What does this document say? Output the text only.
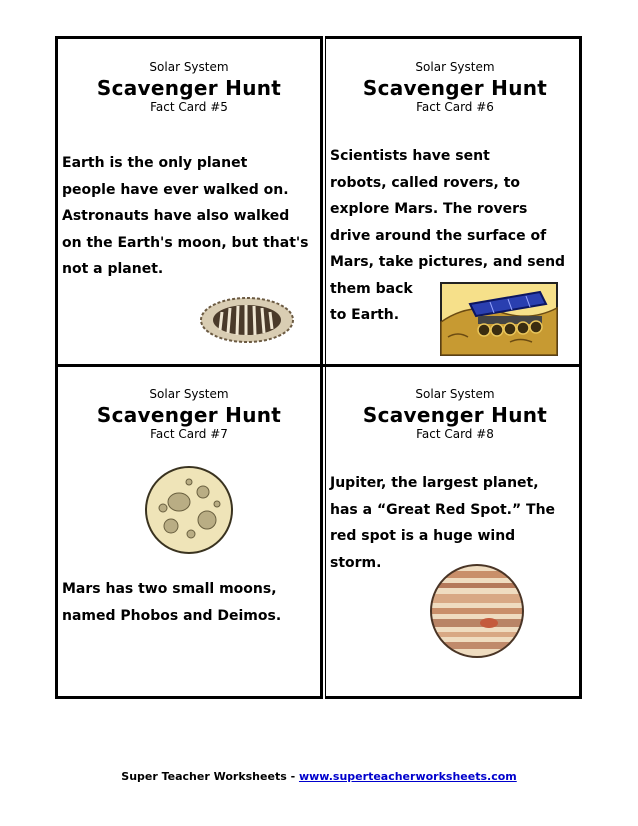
Solar System

Scavenger Hunt

Fact Card #5

Earth is the only planet
people have ever walked on.
Astronauts have also walked
on the Earth's moon, but that's
not a planet.

Solar System

Scavenger Hunt

Fact Card #6

Scientists have sent
robots, called rovers, to
explore Mars. The rovers
drive around the surface of
Mars, take pictures, and send
them back
to Earth.

Solar System

Scavenger Hunt

Fact Card #7

Mars has two small moons,
named Phobos and Deimos.

Solar System

Scavenger Hunt

Fact Card #8

Jupiter, the largest planet,
has a “Great Red Spot.” The
red spot is a huge wind
storm.
Super Teacher Worksheets - www.superteacherworksheets.com
